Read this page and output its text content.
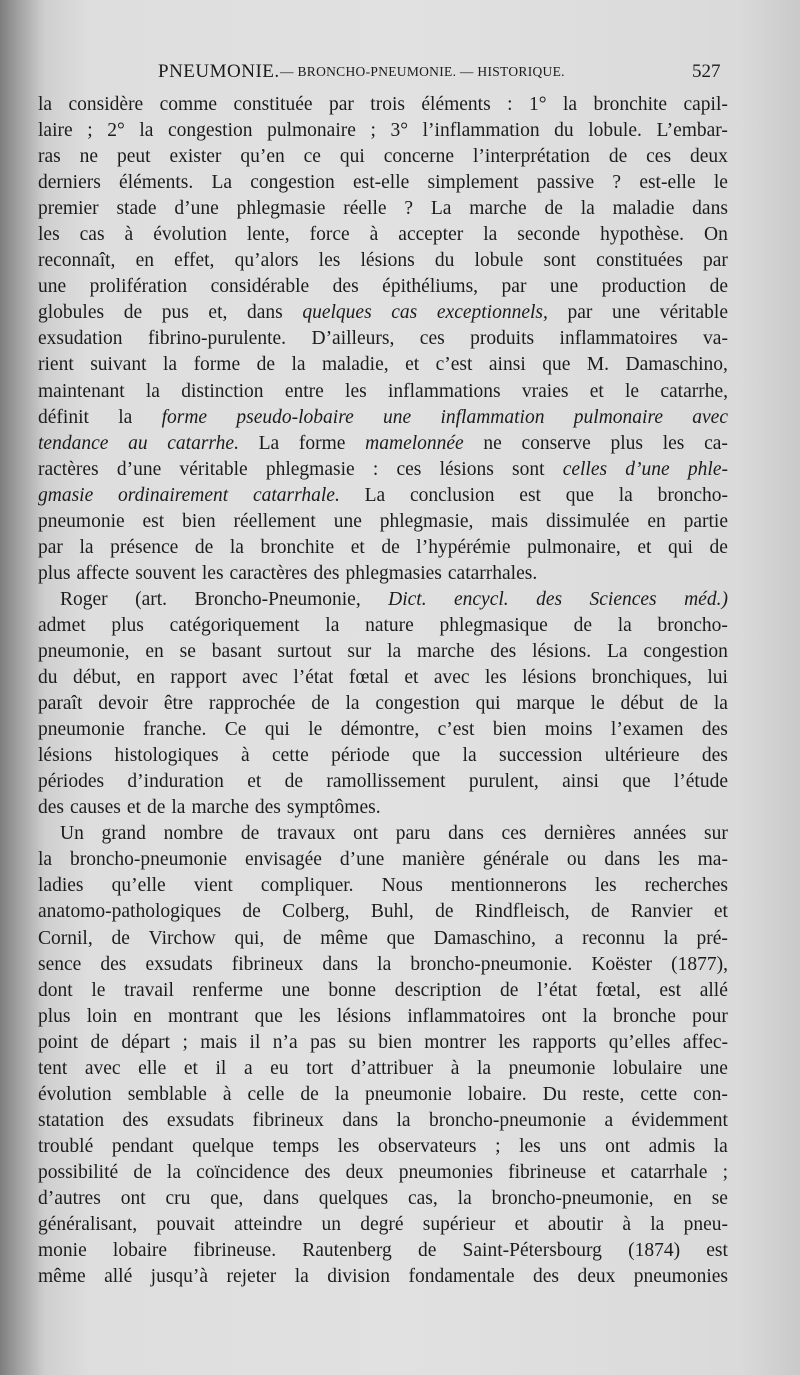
PNEUMONIE. — BRONCHO-PNEUMONIE. — HISTORIQUE.	527
la considère comme constituée par trois éléments : 1° la bronchite capil-
laire ; 2° la congestion pulmonaire ; 3° l’inflammation du lobule. L’embar-
ras ne peut exister qu’en ce qui concerne l’interprétation de ces deux
derniers éléments. La congestion est-elle simplement passive ? est-elle le
premier stade d’une phlegmasie réelle ? La marche de la maladie dans
les cas à évolution lente, force à accepter la seconde hypothèse. On
reconnaît, en effet, qu’alors les lésions du lobule sont constituées par
une prolifération considérable des épithéliums, par une production de
globules de pus et, dans quelques cas exceptionnels, par une véritable
exsudation fibrino-purulente. D’ailleurs, ces produits inflammatoires va-
rient suivant la forme de la maladie, et c’est ainsi que M. Damaschino,
maintenant la distinction entre les inflammations vraies et le catarrhe,
définit la forme pseudo-lobaire une inflammation pulmonaire avec
tendance au catarrhe. La forme mamelonnée ne conserve plus les ca-
ractères d’une véritable phlegmasie : ces lésions sont celles d’une phle-
gmasie ordinairement catarrhale. La conclusion est que la broncho-
pneumonie est bien réellement une phlegmasie, mais dissimulée en partie
par la présence de la bronchite et de l’hypérémie pulmonaire, et qui de
plus affecte souvent les caractères des phlegmasies catarrhales.
Roger (art. Broncho-Pneumonie, Dict. encycl. des Sciences méd.)
admet plus catégoriquement la nature phlegmasique de la broncho-
pneumonie, en se basant surtout sur la marche des lésions. La congestion
du début, en rapport avec l’état fœtal et avec les lésions bronchiques, lui
paraît devoir être rapprochée de la congestion qui marque le début de la
pneumonie franche. Ce qui le démontre, c’est bien moins l’examen des
lésions histologiques à cette période que la succession ultérieure des
périodes d’induration et de ramollissement purulent, ainsi que l’étude
des causes et de la marche des symptômes.
Un grand nombre de travaux ont paru dans ces dernières années sur
la broncho-pneumonie envisagée d’une manière générale ou dans les ma-
ladies qu’elle vient compliquer. Nous mentionnerons les recherches
anatomo-pathologiques de Colberg, Buhl, de Rindfleisch, de Ranvier et
Cornil, de Virchow qui, de même que Damaschino, a reconnu la pré-
sence des exsudats fibrineux dans la broncho-pneumonie. Koëster (1877),
dont le travail renferme une bonne description de l’état fœtal, est allé
plus loin en montrant que les lésions inflammatoires ont la bronche pour
point de départ ; mais il n’a pas su bien montrer les rapports qu’elles affec-
tent avec elle et il a eu tort d’attribuer à la pneumonie lobulaire une
évolution semblable à celle de la pneumonie lobaire. Du reste, cette con-
statation des exsudats fibrineux dans la broncho-pneumonie a évidemment
troublé pendant quelque temps les observateurs ; les uns ont admis la
possibilité de la coïncidence des deux pneumonies fibrineuse et catarrhale ;
d’autres ont cru que, dans quelques cas, la broncho-pneumonie, en se
généralisant, pouvait atteindre un degré supérieur et aboutir à la pneu-
monie lobaire fibrineuse. Rautenberg de Saint-Pétersbourg (1874) est
même allé jusqu’à rejeter la division fondamentale des deux pneumonies
